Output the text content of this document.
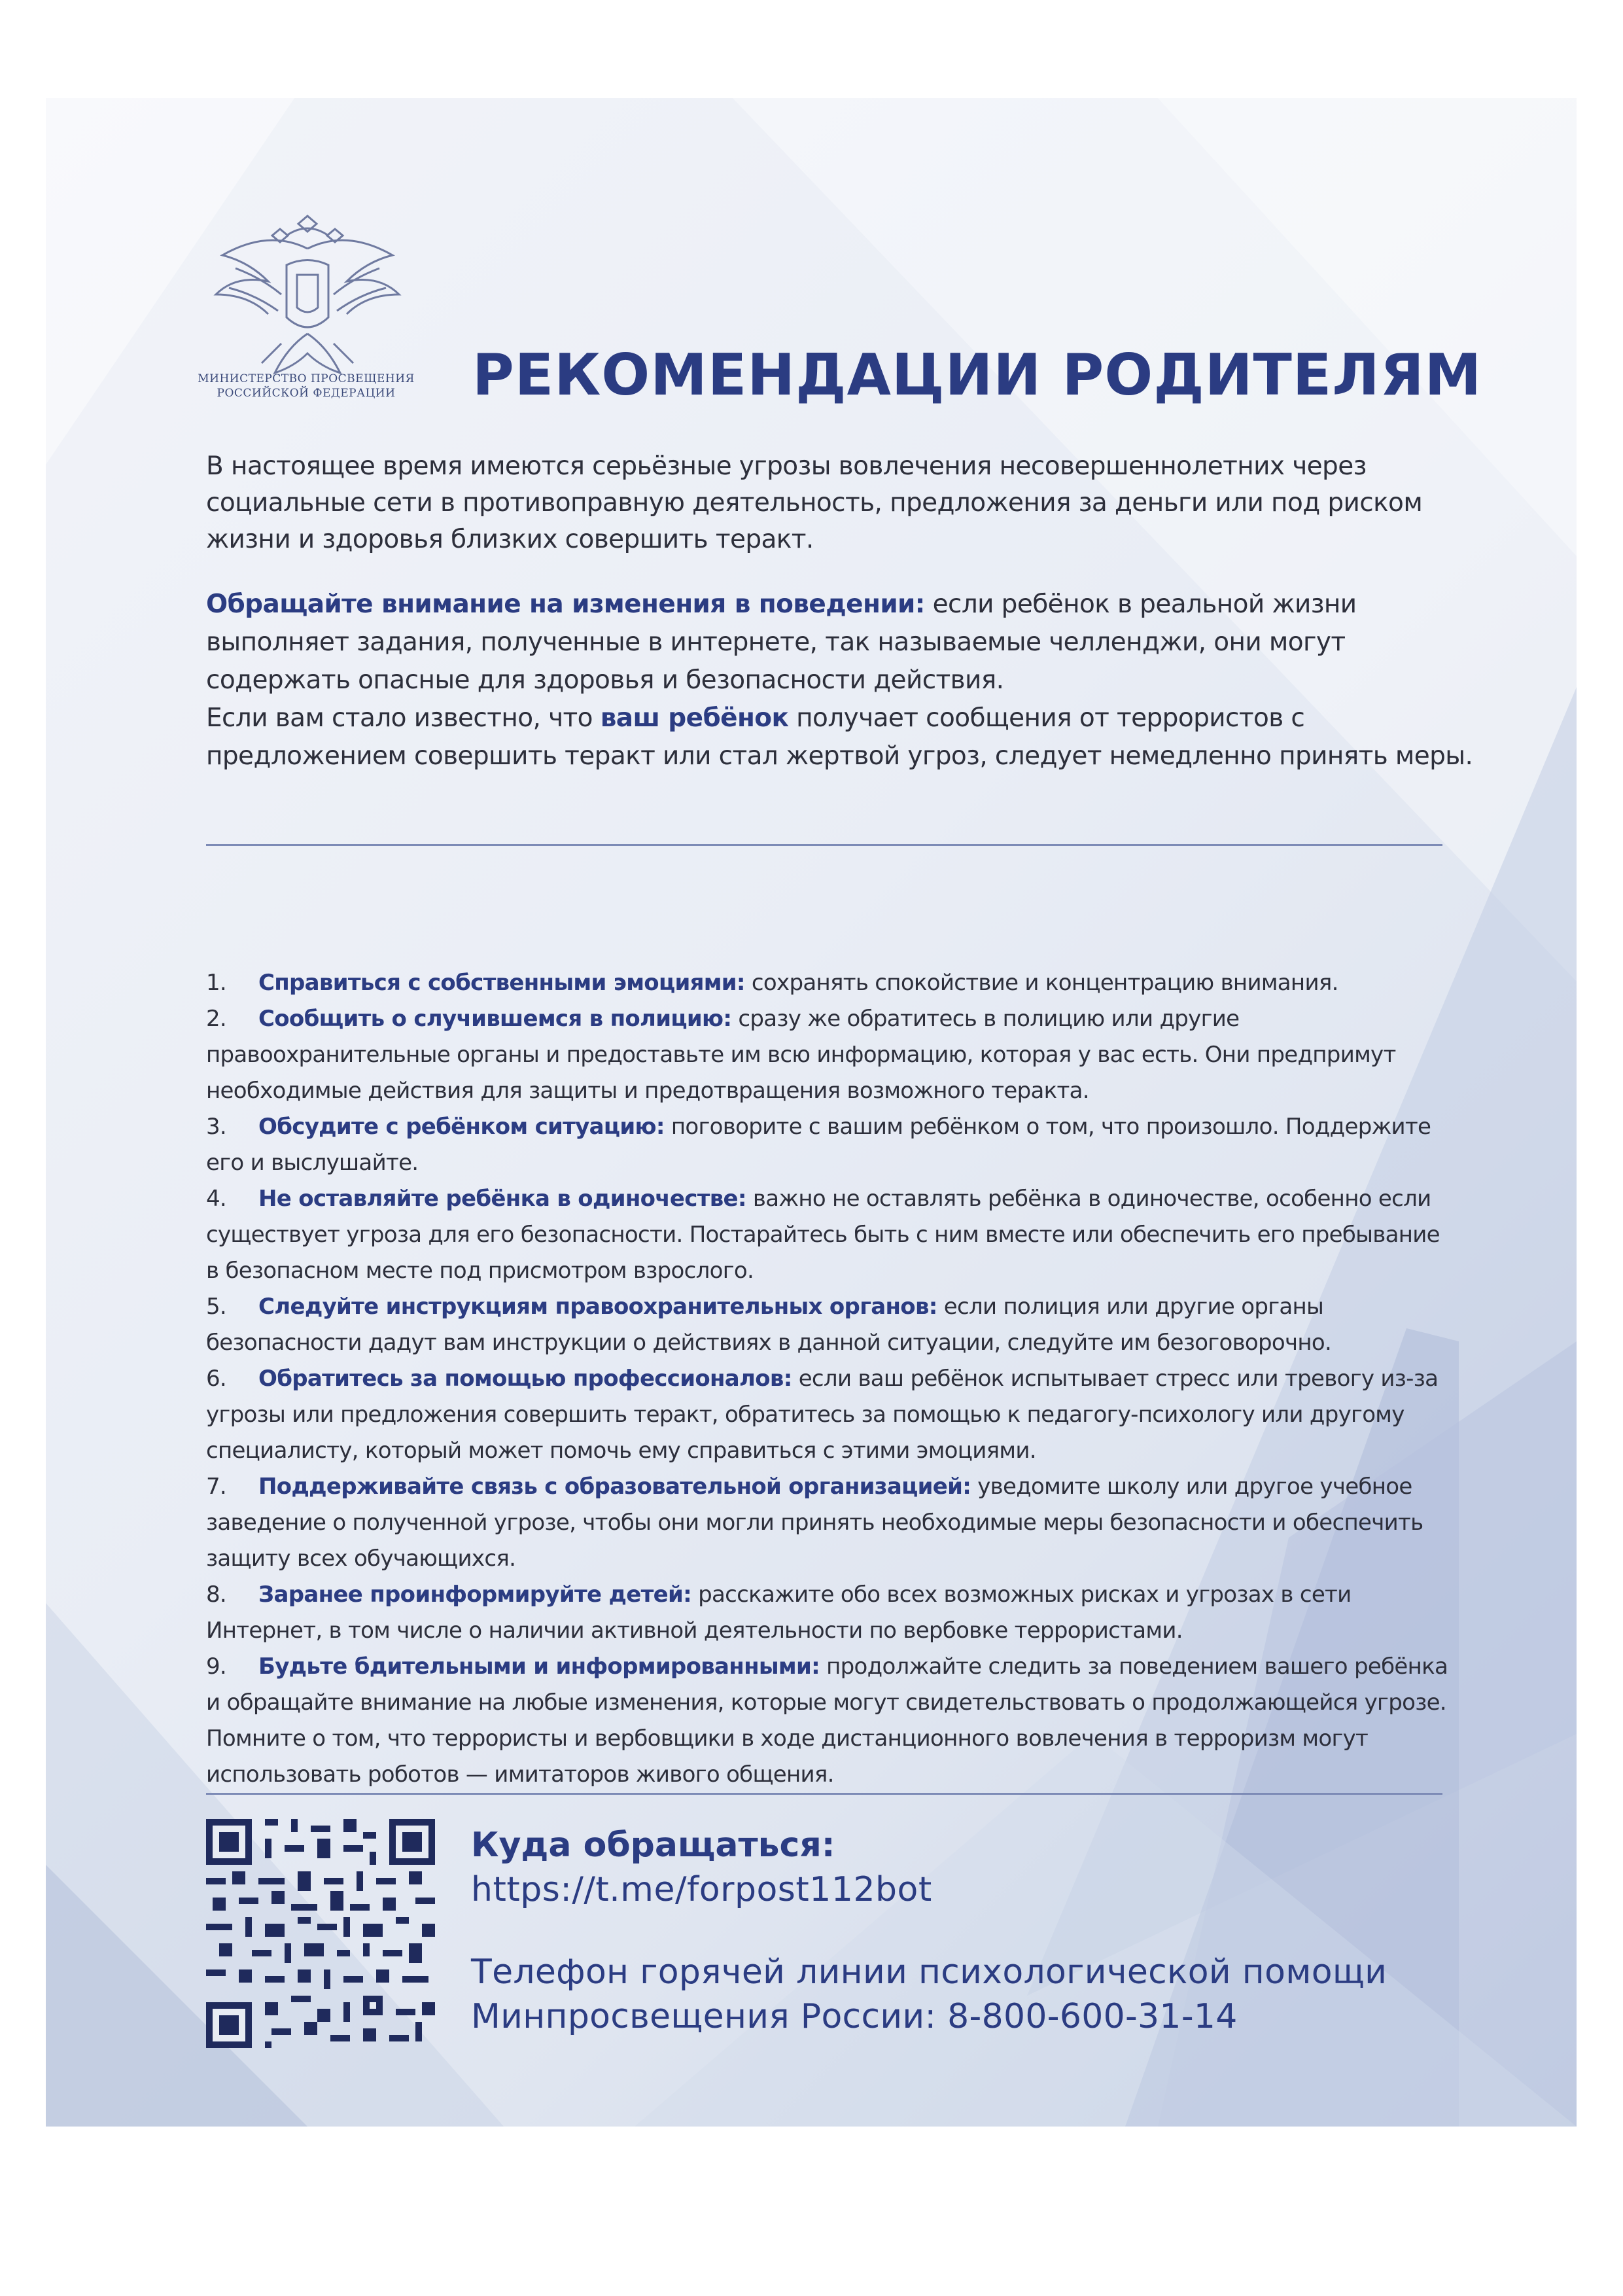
МИНИСТЕРСТВО ПРОСВЕЩЕНИЯ
РОССИЙСКОЙ ФЕДЕРАЦИИ	РЕКОМЕНДАЦИИ РОДИТЕЛЯМ

В настоящее время имеются серьёзные угрозы вовлечения несовершеннолетних через социальные сети в противоправную деятельность, предложения за деньги или под риском жизни и здоровья близких совершить теракт.

Обращайте внимание на изменения в поведении: если ребёнок в реальной жизни выполняет задания, полученные в интернете, так называемые челленджи, они могут содержать опасные для здоровья и безопасности действия.

Если вам стало известно, что ваш ребёнок получает сообщения от террористов с предложением совершить теракт или стал жертвой угроз, следует немедленно принять меры.

1. Справиться с собственными эмоциями: сохранять спокойствие и концентрацию внимания.
2. Сообщить о случившемся в полицию: сразу же обратитесь в полицию или другие правоохранительные органы и предоставьте им всю информацию, которая у вас есть. Они предпримут необходимые действия для защиты и предотвращения возможного теракта.
3. Обсудите с ребёнком ситуацию: поговорите с вашим ребёнком о том, что произошло. Поддержите его и выслушайте.
4. Не оставляйте ребёнка в одиночестве: важно не оставлять ребёнка в одиночестве, особенно если существует угроза для его безопасности. Постарайтесь быть с ним вместе или обеспечить его пребывание в безопасном месте под присмотром взрослого.
5. Следуйте инструкциям правоохранительных органов: если полиция или другие органы безопасности дадут вам инструкции о действиях в данной ситуации, следуйте им безоговорочно.
6. Обратитесь за помощью профессионалов: если ваш ребёнок испытывает стресс или тревогу из-за угрозы или предложения совершить теракт, обратитесь за помощью к педагогу-психологу или другому специалисту, который может помочь ему справиться с этими эмоциями.
7. Поддерживайте связь с образовательной организацией: уведомите школу или другое учебное заведение о полученной угрозе, чтобы они могли принять необходимые меры безопасности и обеспечить защиту всех обучающихся.
8. Заранее проинформируйте детей: расскажите обо всех возможных рисках и угрозах в сети Интернет, в том числе о наличии активной деятельности по вербовке террористами.
9. Будьте бдительными и информированными: продолжайте следить за поведением вашего ребёнка и обращайте внимание на любые изменения, которые могут свидетельствовать о продолжающейся угрозе.
Помните о том, что террористы и вербовщики в ходе дистанционного вовлечения в терроризм могут использовать роботов — имитаторов живого общения.

Куда обращаться:

https://t.me/forpost112bot

Телефон горячей линии психологической помощи
Минпросвещения России: 8-800-600-31-14
